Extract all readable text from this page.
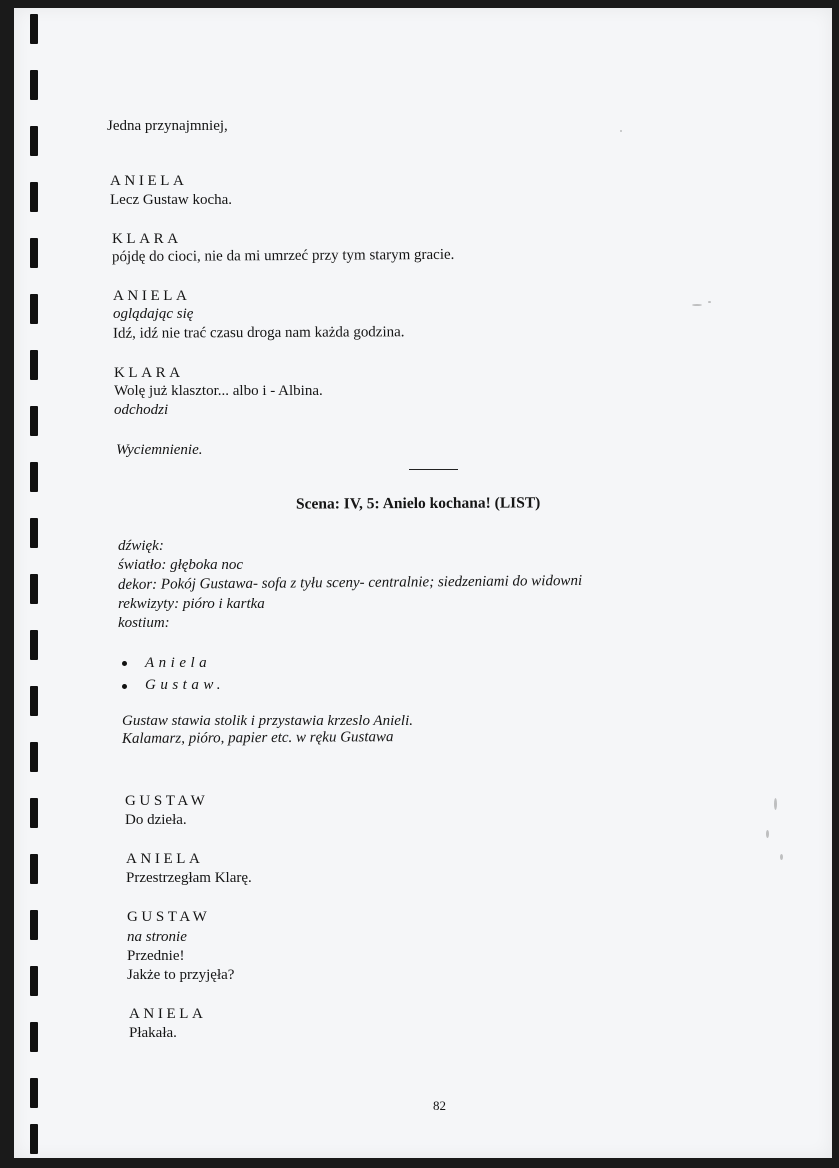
Jedna przynajmniej,
ANIELA
Lecz Gustaw kocha.
KLARA
pójdę do cioci, nie da mi umrzeć przy tym starym gracie.
ANIELA
oglądając się
Idź, idź nie trać czasu droga nam każda godzina.
KLARA
Wolę już klasztor... albo i - Albina.
odchodzi
Wyciemnienie.
Scena: IV, 5: Anielo kochana! (LIST)
dźwięk:
światło: głęboka noc
dekor: Pokój Gustawa- sofa z tyłu sceny- centralnie; siedzeniami do widowni
rekwizyty: pióro i kartka
kostium:
Aniela
Gustaw.
Gustaw stawia stolik i przystawia krzeslo Anieli.
Kalamarz, pióro, papier etc. w ręku Gustawa
GUSTAW
Do dzieła.
ANIELA
Przestrzegłam Klarę.
GUSTAW
na stronie
Przednie!
Jakże to przyjęła?
ANIELA
Płakała.
82
